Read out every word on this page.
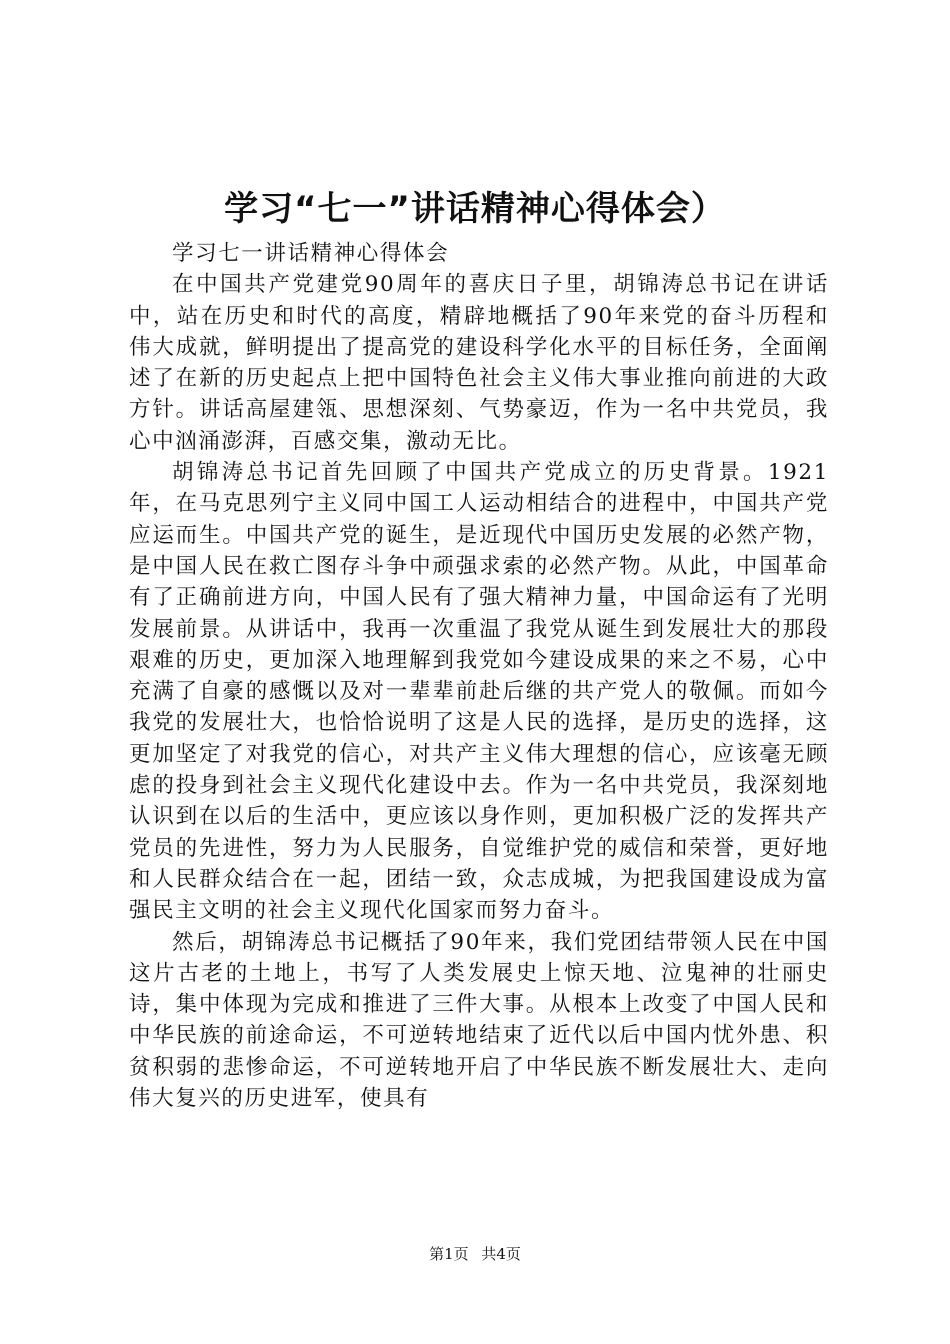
学习“七一”讲话精神心得体会）

学习七一讲话精神心得体会

在中国共产党建党90周年的喜庆日子里，胡锦涛总书记在讲话中，站在历史和时代的高度，精辟地概括了90年来党的奋斗历程和伟大成就，鲜明提出了提高党的建设科学化水平的目标任务，全面阐述了在新的历史起点上把中国特色社会主义伟大事业推向前进的大政方针。讲话高屋建瓴、思想深刻、气势豪迈，作为一名中共党员，我心中汹涌澎湃，百感交集，激动无比。

胡锦涛总书记首先回顾了中国共产党成立的历史背景。1921年，在马克思列宁主义同中国工人运动相结合的进程中，中国共产党应运而生。中国共产党的诞生，是近现代中国历史发展的必然产物，是中国人民在救亡图存斗争中顽强求索的必然产物。从此，中国革命有了正确前进方向，中国人民有了强大精神力量，中国命运有了光明发展前景。从讲话中，我再一次重温了我党从诞生到发展壮大的那段艰难的历史，更加深入地理解到我党如今建设成果的来之不易，心中充满了自豪的感慨以及对一辈辈前赴后继的共产党人的敬佩。而如今我党的发展壮大，也恰恰说明了这是人民的选择，是历史的选择，这更加坚定了对我党的信心，对共产主义伟大理想的信心，应该毫无顾虑的投身到社会主义现代化建设中去。作为一名中共党员，我深刻地认识到在以后的生活中，更应该以身作则，更加积极广泛的发挥共产党员的先进性，努力为人民服务，自觉维护党的威信和荣誉，更好地和人民群众结合在一起，团结一致，众志成城，为把我国建设成为富强民主文明的社会主义现代化国家而努力奋斗。

然后，胡锦涛总书记概括了90年来，我们党团结带领人民在中国这片古老的土地上，书写了人类发展史上惊天地、泣鬼神的壮丽史诗，集中体现为完成和推进了三件大事。从根本上改变了中国人民和中华民族的前途命运，不可逆转地结束了近代以后中国内忧外患、积贫积弱的悲惨命运，不可逆转地开启了中华民族不断发展壮大、走向伟大复兴的历史进军，使具有

第1页 共4页
